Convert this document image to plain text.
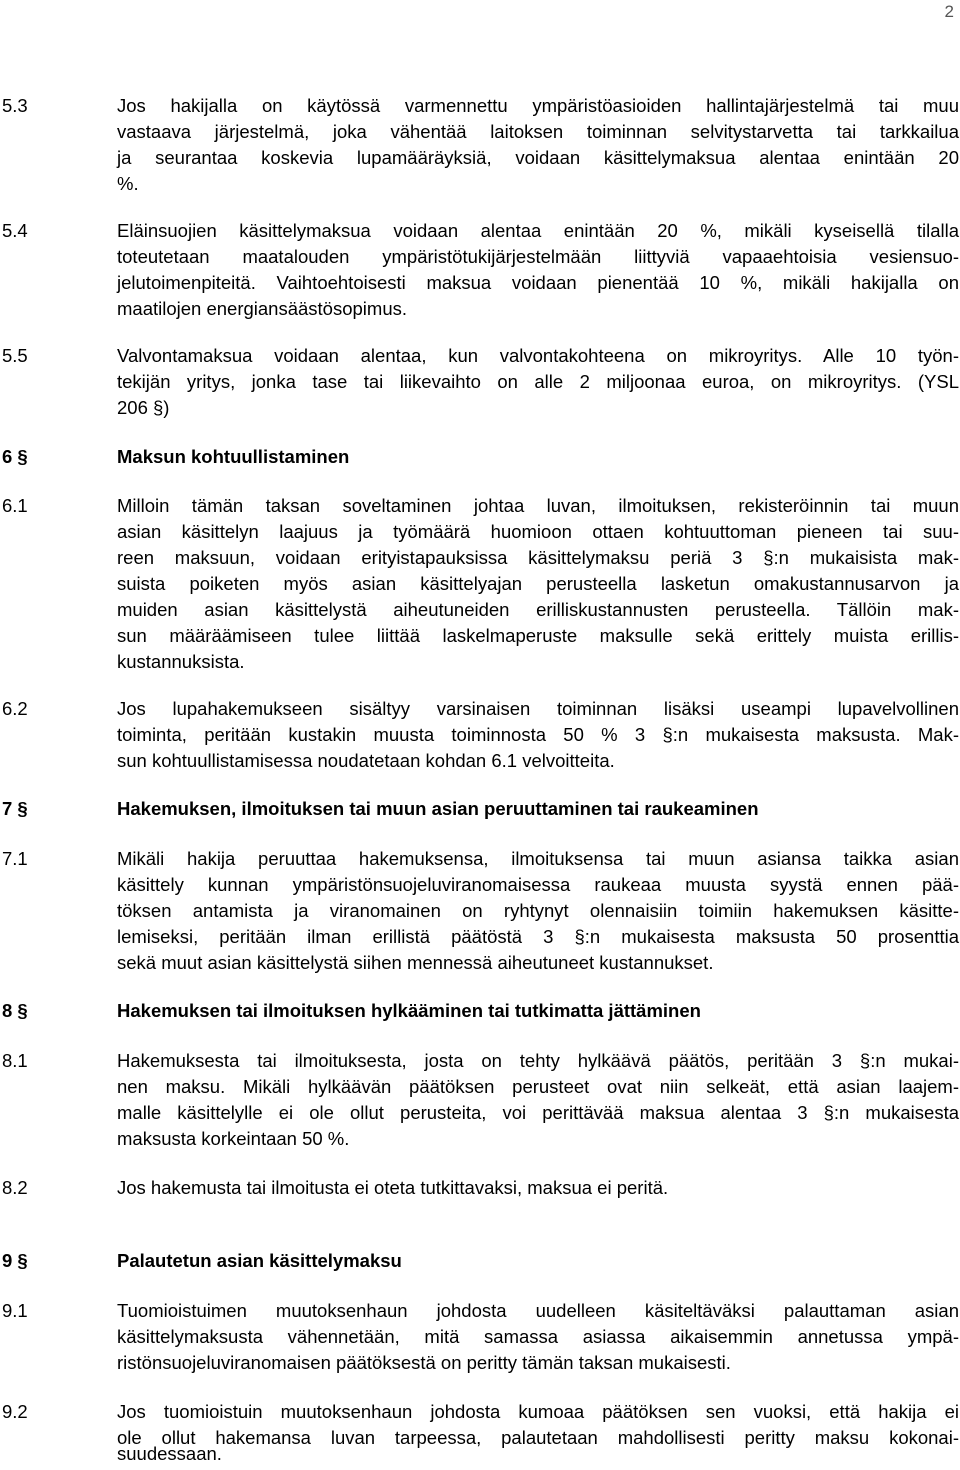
2
5.3	Jos hakijalla on käytössä varmennettu ympäristöasioiden hallintajärjestelmä tai muu
vastaava järjestelmä, joka vähentää laitoksen toiminnan selvitystarvetta tai tarkkailua
ja seurantaa koskevia lupamääräyksiä, voidaan käsittelymaksua alentaa enintään 20
%.
5.4	Eläinsuojien käsittelymaksua voidaan alentaa enintään 20 %, mikäli kyseisellä tilalla
toteutetaan maatalouden ympäristötukijärjestelmään liittyviä vapaaehtoisia vesiensuo-
jelutoimenpiteitä. Vaihtoehtoisesti maksua voidaan pienentää 10 %, mikäli hakijalla on
maatilojen energiansäästösopimus.
5.5	Valvontamaksua voidaan alentaa, kun valvontakohteena on mikroyritys. Alle 10 työn-
tekijän yritys, jonka tase tai liikevaihto on alle 2 miljoonaa euroa, on mikroyritys. (YSL
206 §)
6 §	Maksun kohtuullistaminen
6.1	Milloin tämän taksan soveltaminen johtaa luvan, ilmoituksen, rekisteröinnin tai muun
asian käsittelyn laajuus ja työmäärä huomioon ottaen kohtuuttoman pieneen tai suu-
reen maksuun, voidaan erityistapauksissa käsittelymaksu periä 3 §:n mukaisista mak-
suista poiketen myös asian käsittelyajan perusteella lasketun omakustannusarvon ja
muiden asian käsittelystä aiheutuneiden erilliskustannusten perusteella. Tällöin mak-
sun määräämiseen tulee liittää laskelmaperuste maksulle sekä erittely muista erillis-
kustannuksista.
6.2	Jos lupahakemukseen sisältyy varsinaisen toiminnan lisäksi useampi lupavelvollinen
toiminta, peritään kustakin muusta toiminnosta 50 % 3 §:n mukaisesta maksusta. Mak-
sun kohtuullistamisessa noudatetaan kohdan 6.1 velvoitteita.
7 §	Hakemuksen, ilmoituksen tai muun asian peruuttaminen tai raukeaminen
7.1	Mikäli hakija peruuttaa hakemuksensa, ilmoituksensa tai muun asiansa taikka asian
käsittely kunnan ympäristönsuojeluviranomaisessa raukeaa muusta syystä ennen pää-
töksen antamista ja viranomainen on ryhtynyt olennaisiin toimiin hakemuksen käsitte-
lemiseksi, peritään ilman erillistä päätöstä 3 §:n mukaisesta maksusta 50 prosenttia
sekä muut asian käsittelystä siihen mennessä aiheutuneet kustannukset.
8 §	Hakemuksen tai ilmoituksen hylkääminen tai tutkimatta jättäminen
8.1	Hakemuksesta tai ilmoituksesta, josta on tehty hylkäävä päätös, peritään 3 §:n mukai-
nen maksu. Mikäli hylkäävän päätöksen perusteet ovat niin selkeät, että asian laajem-
malle käsittelylle ei ole ollut perusteita, voi perittävää maksua alentaa 3 §:n mukaisesta
maksusta korkeintaan 50 %.
8.2	Jos hakemusta tai ilmoitusta ei oteta tutkittavaksi, maksua ei peritä.
9 §	Palautetun asian käsittelymaksu
9.1	Tuomioistuimen muutoksenhaun johdosta uudelleen käsiteltäväksi palauttaman asian
käsittelymaksusta vähennetään, mitä samassa asiassa aikaisemmin annetussa ympä-
ristönsuojeluviranomaisen päätöksestä on peritty tämän taksan mukaisesti.
9.2	Jos tuomioistuin muutoksenhaun johdosta kumoaa päätöksen sen vuoksi, että hakija ei
ole ollut hakemansa luvan tarpeessa, palautetaan mahdollisesti peritty maksu kokonai-
suudessaan.
